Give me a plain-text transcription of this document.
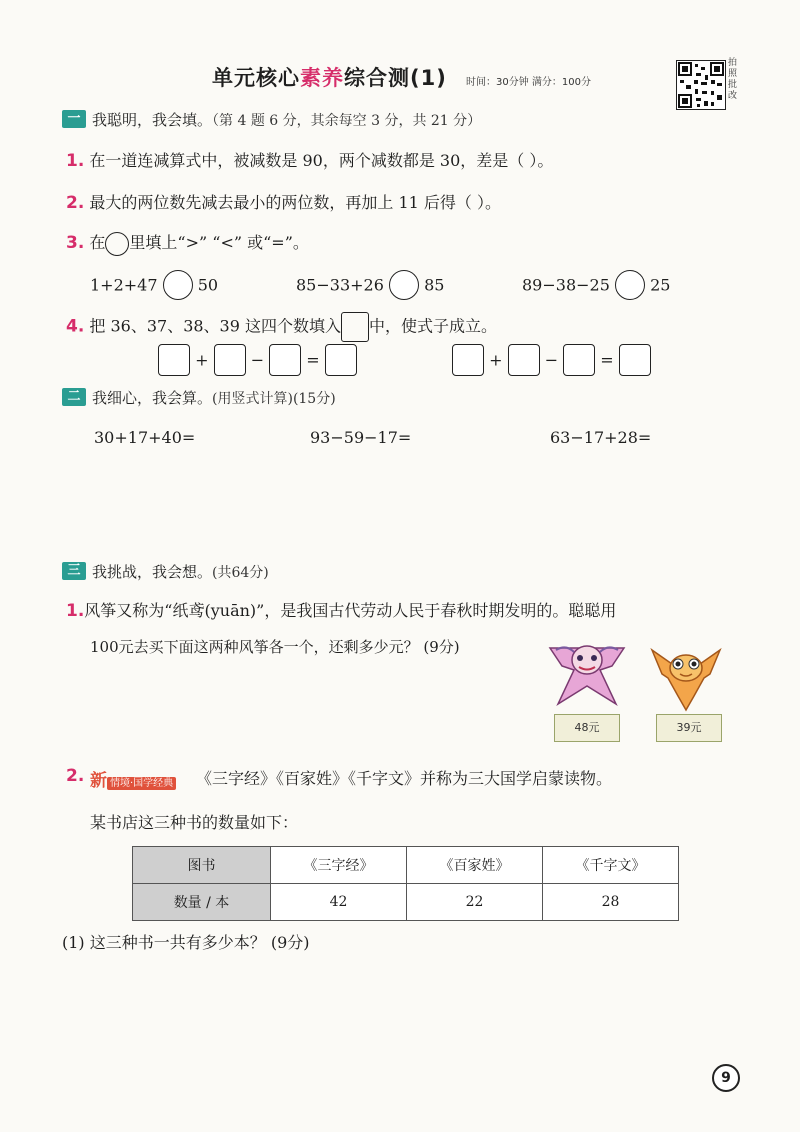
单元核心素养综合测(1) 时间：30分钟 满分：100分
拍照批改
一 我聪明，我会填。（第 4 题 6 分，其余每空 3 分，共 21 分）
1. 在一道连减算式中，被减数是 90，两个减数都是 30，差是（ ）。
2. 最大的两位数先减去最小的两位数，再加上 11 后得（ ）。
3. 在 里填上“>” “<” 或“=”。
1+2+47	50	85−33+26	85	89−38−25	25
4. 把 36、37、38、39 这四个数填入 中，使式子成立。
+	−	=	+	−	=
二 我细心，我会算。(用竖式计算)(15分)
30+17+40=	93−59−17=	63−17+28=
三 我挑战，我会想。(共64分)
1.风筝又称为“纸鸢(yuān)”，是我国古代劳动人民于春秋时期发明的。聪聪用
100元去买下面这两种风筝各一个，还剩多少元？ (9分)
48元	39元
2. 新情境·国学经典 《三字经》《百家姓》《千字文》并称为三大国学启蒙读物。
某书店这三种书的数量如下：
图书	《三字经》	《百家姓》	《千字文》
数量 / 本	42	22	28
(1) 这三种书一共有多少本？ (9分)
9
